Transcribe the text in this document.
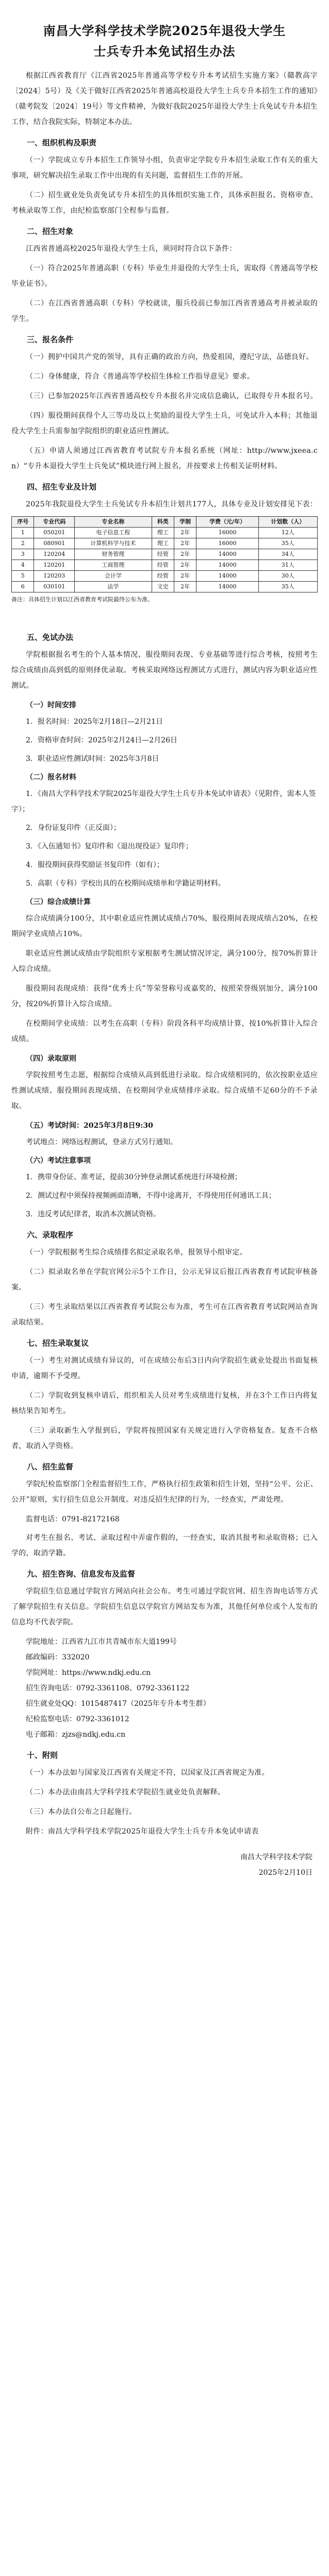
南昌大学科学技术学院2025年退役大学生
士兵专升本免试招生办法

根据江西省教育厅《江西省2025年普通高等学校专升本考试招生实施方案》（赣教高字〔2024〕5号）及《关于做好江西省2025年普通高校退役大学生士兵专升本招生工作的通知》（赣考院发〔2024〕19号）等文件精神，为做好我院2025年退役大学生士兵免试专升本招生工作，结合我院实际，特制定本办法。

一、组织机构及职责

（一）学院成立专升本招生工作领导小组，负责审定学院专升本招生录取工作有关的重大事项，研究解决招生录取工作中出现的有关问题，监督招生工作的开展。

（二）招生就业处负责免试专升本招生的具体组织实施工作，具体承担报名、资格审查、考核录取等工作，由纪检监察部门全程参与监督。

二、招生对象

江西省普通高校2025年退役大学生士兵，须同时符合以下条件：

（一）符合2025年普通高职（专科）毕业生并退役的大学生士兵，需取得《普通高等学校毕业证书》。

（二）在江西省普通高职（专科）学校就读，服兵役前已参加江西省普通高考并被录取的学生。

三、报名条件

（一）拥护中国共产党的领导，具有正确的政治方向，热爱祖国，遵纪守法，品德良好。

（二）身体健康，符合《普通高等学校招生体检工作指导意见》要求。

（三）已参加2025年江西省普通高校专升本报名并完成信息确认，已取得专升本报名号。

（四）服役期间获得个人三等功及以上奖励的退役大学生士兵，可免试升入本科；其他退役大学生士兵需参加学院组织的职业适应性测试。

（五）申请人须通过江西省教育考试院专升本报名系统（网址：http://www.jxeea.cn）“专升本退役大学生士兵免试”模块进行网上报名，并按要求上传相关证明材料。

四、招生专业及计划

2025年我院退役大学生士兵免试专升本招生计划共177人，具体专业及计划安排见下表：

序号	专业代码	专业名称	科类	学制	学费（元/年）	计划数（人）
1	050201	电子信息工程	理工	2年	16000	12人
2	080901	计算机科学与技术	理工	2年	16000	35人
3	120204	财务管理	经管	2年	14000	34人
4	120201	工商管理	经管	2年	14000	31人
5	120203	会计学	经管	2年	14000	30人
6	030101	法学	文史	2年	14000	35人
备注：具体招生计划以江西省教育考试院最终公布为准。
五、免试办法

学院根据报名考生的个人基本情况、服役期间表现、专业基础等进行综合考核，按照考生综合成绩由高到低的原则择优录取。考核采取网络远程测试方式进行，测试内容为职业适应性测试。

（一）时间安排

1．报名时间：2025年2月18日—2月21日

2．资格审查时间：2025年2月24日—2月26日

3．职业适应性测试时间：2025年3月8日

（二）报名材料

1．《南昌大学科学技术学院2025年退役大学生士兵专升本免试申请表》（见附件，需本人签字）；

2．身份证复印件（正反面）；

3．《入伍通知书》复印件和《退出现役证》复印件；

4．服役期间获得奖励证书复印件（如有）；

5．高职（专科）学校出具的在校期间成绩单和学籍证明材料。

（三）综合成绩计算

综合成绩满分100分，其中职业适应性测试成绩占70%，服役期间表现成绩占20%，在校期间学业成绩占10%。

职业适应性测试成绩由学院组织专家根据考生测试情况评定，满分100分，按70%折算计入综合成绩。

服役期间表现成绩：获得“优秀士兵”等荣誉称号或嘉奖的，按照荣誉级别加分，满分100分，按20%折算计入综合成绩。

在校期间学业成绩：以考生在高职（专科）阶段各科平均成绩计算，按10%折算计入综合成绩。

（四）录取原则

学院按照考生志愿，根据综合成绩从高到低进行录取。综合成绩相同的，依次按职业适应性测试成绩、服役期间表现成绩、在校期间学业成绩排序录取。综合成绩不足60分的不予录取。

（五）考试时间：2025年3月8日9:30

考试地点：网络远程测试，登录方式另行通知。

（六）考试注意事项

1．携带身份证、准考证，提前30分钟登录测试系统进行环境检测；

2．测试过程中须保持视频画面清晰，不得中途离开，不得使用任何通讯工具；

3．违反考试纪律者，取消本次测试资格。

六、录取程序

（一）学院根据考生综合成绩排名拟定录取名单，报领导小组审定。

（二）拟录取名单在学院官网公示5个工作日，公示无异议后报江西省教育考试院审核备案。

（三）考生录取结果以江西省教育考试院公布为准，考生可在江西省教育考试院网站查询录取结果。

七、招生录取复议

（一）考生对测试成绩有异议的，可在成绩公布后3日内向学院招生就业处提出书面复核申请，逾期不予受理。

（二）学院收到复核申请后，组织相关人员对考生成绩进行复核，并在3个工作日内将复核结果告知考生。

（三）录取新生入学报到后，学院将按照国家有关规定进行入学资格复查。复查不合格者，取消入学资格。

八、招生监督

学院纪检监察部门全程监督招生工作，严格执行招生政策和招生计划，坚持“公平、公正、公开”原则，实行招生信息公开制度。对违反招生纪律的行为，一经查实，严肃处理。

监督电话：0791-82172168

对考生在报名、考试、录取过程中弄虚作假的，一经查实，取消其报考和录取资格；已入学的，取消学籍。

九、招生咨询、信息发布及监督

学院招生信息通过学院官方网站向社会公布。考生可通过学院官网、招生咨询电话等方式了解学院招生有关信息。学院招生信息以学院官方网站发布为准，其他任何单位或个人发布的信息均不代表学院。

学院地址：江西省九江市共青城市东大道199号

邮政编码：332020

学院网址：https://www.ndkj.edu.cn

招生咨询电话：0792-3361108、0792-3361122

招生就业处QQ：1015487417（2025年专升本考生群）

纪检监察电话：0792-3361012

电子邮箱：zjzs@ndkj.edu.cn

十、附则

（一）本办法如与国家及江西省有关规定不符，以国家及江西省规定为准。

（二）本办法由南昌大学科学技术学院招生就业处负责解释。

（三）本办法自公布之日起施行。

附件：南昌大学科学技术学院2025年退役大学生士兵专升本免试申请表

南昌大学科学技术学院
2025年2月10日
